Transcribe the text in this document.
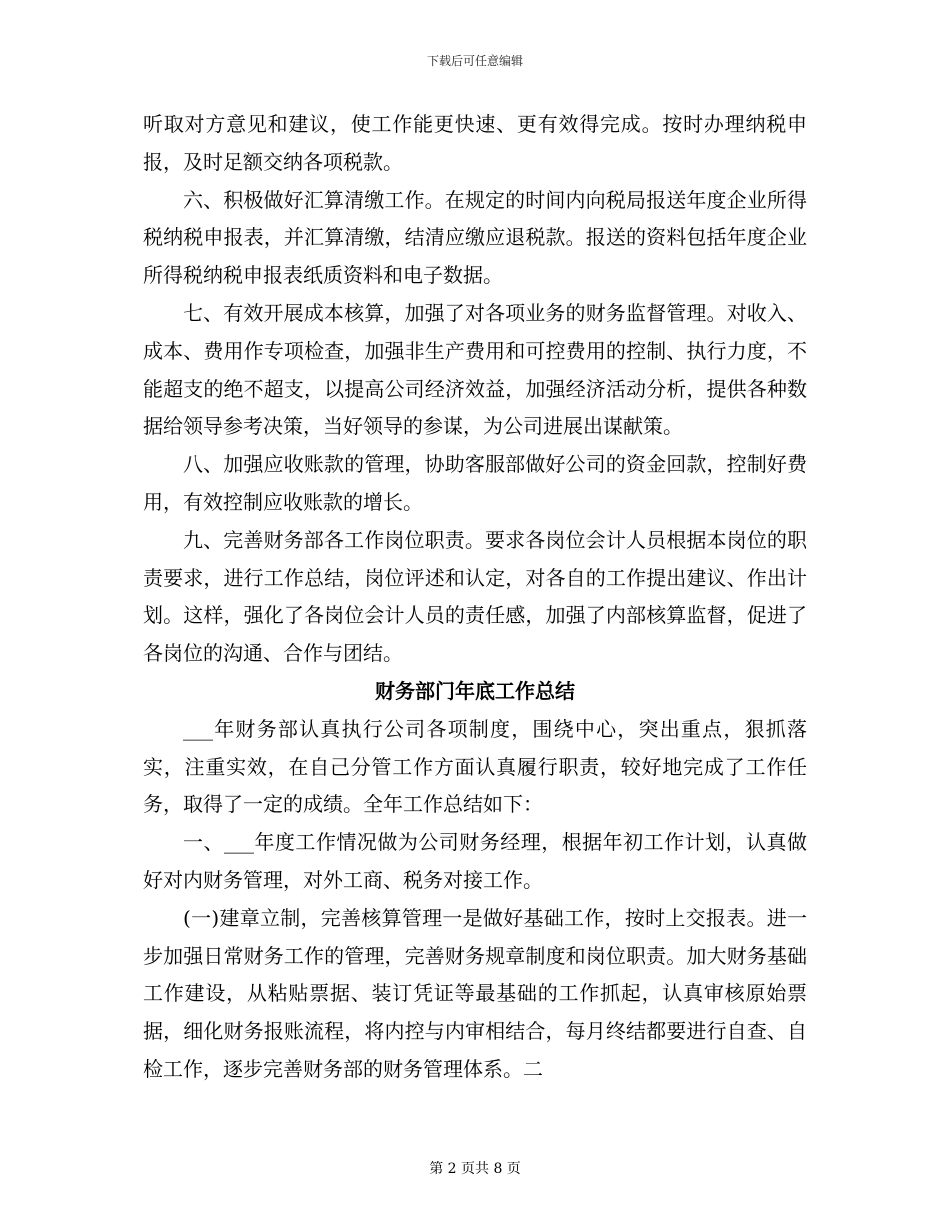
下载后可任意编辑

听取对方意见和建议，使工作能更快速、更有效得完成。按时办理纳税申报，及时足额交纳各项税款。

六、积极做好汇算清缴工作。在规定的时间内向税局报送年度企业所得税纳税申报表，并汇算清缴，结清应缴应退税款。报送的资料包括年度企业所得税纳税申报表纸质资料和电子数据。

七、有效开展成本核算，加强了对各项业务的财务监督管理。对收入、成本、费用作专项检查，加强非生产费用和可控费用的控制、执行力度，不能超支的绝不超支，以提高公司经济效益，加强经济活动分析，提供各种数据给领导参考决策，当好领导的参谋，为公司进展出谋献策。

八、加强应收账款的管理，协助客服部做好公司的资金回款，控制好费用，有效控制应收账款的增长。

九、完善财务部各工作岗位职责。要求各岗位会计人员根据本岗位的职责要求，进行工作总结，岗位评述和认定，对各自的工作提出建议、作出计划。这样，强化了各岗位会计人员的责任感，加强了内部核算监督，促进了各岗位的沟通、合作与团结。

财务部门年底工作总结

___年财务部认真执行公司各项制度，围绕中心，突出重点，狠抓落实，注重实效，在自己分管工作方面认真履行职责，较好地完成了工作任务，取得了一定的成绩。全年工作总结如下：

一、___年度工作情况做为公司财务经理，根据年初工作计划，认真做好对内财务管理，对外工商、税务对接工作。

(一)建章立制，完善核算管理一是做好基础工作，按时上交报表。进一步加强日常财务工作的管理，完善财务规章制度和岗位职责。加大财务基础工作建设，从粘贴票据、装订凭证等最基础的工作抓起，认真审核原始票据，细化财务报账流程，将内控与内审相结合，每月终结都要进行自查、自检工作，逐步完善财务部的财务管理体系。二

第 2 页共 8 页
